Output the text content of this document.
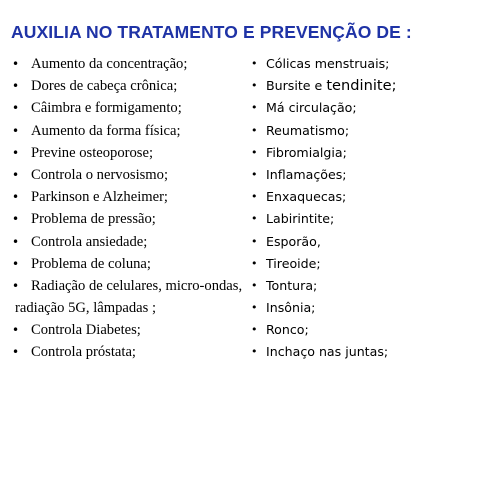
AUXILIA NO TRATAMENTO E PREVENÇÃO DE :
• Aumento da concentração;
• Dores de cabeça crônica;
• Câimbra e formigamento;
• Aumento da forma física;
• Previne osteoporose;
• Controla o nervosismo;
• Parkinson e Alzheimer;
• Problema de pressão;
• Controla ansiedade;
• Problema de coluna;
• Radiação de celulares, micro-ondas,
radiação 5G, lâmpadas ;
• Controla Diabetes;
• Controla próstata;
• Cólicas menstruais;
• Bursite e tendinite;
• Má circulação;
• Reumatismo;
• Fibromialgia;
• Inflamações;
• Enxaquecas;
• Labirintite;
• Esporão,
• Tireoide;
• Tontura;
• Insônia;
• Ronco;
• Inchaço nas juntas;
